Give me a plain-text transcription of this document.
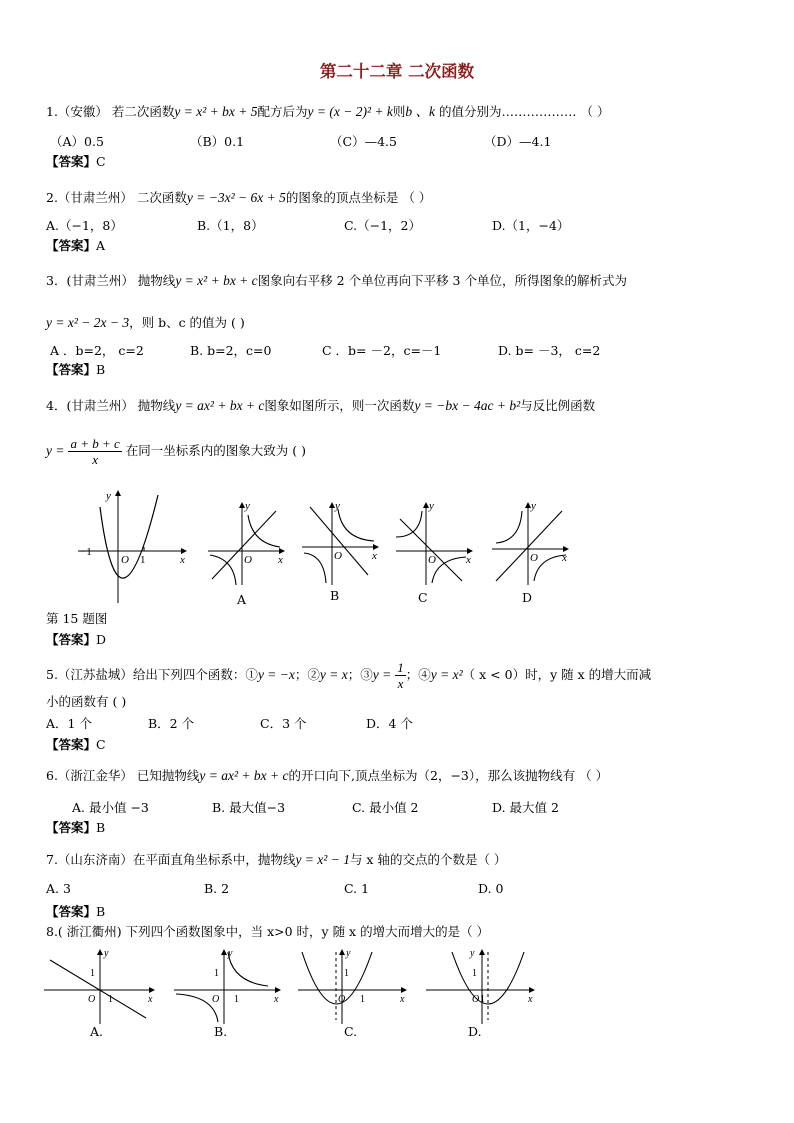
第二十二章 二次函数
1.（安徽） 若二次函数y = x² + bx + 5配方后为y = (x − 2)² + k则b 、k 的值分别为……………… （ ）
（A）0.5	（B）0.1	（C）—4.5	（D）—4.1
【答案】C
2.（甘肃兰州） 二次函数y = −3x² − 6x + 5的图象的顶点坐标是 （ ）
A.（−1，8）	B.（1，8）	C.（−1，2）	D.（1，−4）
【答案】A
3．(甘肃兰州） 抛物线y = x² + bx + c图象向右平移 2 个单位再向下平移 3 个单位，所得图象的解析式为
y = x² − 2x − 3，则 b、c 的值为 ( )
A ．b=2， c=2	B. b=2，c=0	C ．b= －2，c=－1	D. b= －3， c=2
【答案】B
4．(甘肃兰州） 抛物线y = ax² + bx + c图象如图所示，则一次函数y = −bx − 4ac + b²与反比例函数
$y = \frac{a + b + c}{x}$ 在同一坐标系内的图象大致为 ( )
y
x
O 1
−1
y
x
O
A
y
x
O
B
y
x
O
C
y
x
O
D
第 15 题图
【答案】D
5.（江苏盐城）给出下列四个函数：①y = −x；②y = x；③y = $\frac{1}{x}$ ；④y = x²（ x < 0）时，y 随 x 的增大而减
小的函数有 ( )
A．1 个	B．2 个	C．3 个	D．4 个
【答案】C
6.（浙江金华） 已知抛物线y = ax² + bx + c的开口向下,顶点坐标为（2，−3），那么该抛物线有 （ ）
A. 最小值 −3	B. 最大值−3	C. 最小值 2	D. 最大值 2
【答案】B
7.（山东济南）在平面直角坐标系中，抛物线y = x² − 1与 x 轴的交点的个数是（ ）
A. 3	B. 2	C. 1	D. 0
【答案】B
8.( 浙江衢州) 下列四个函数图象中，当 x>0 时，y 随 x 的增大而增大的是（ ）
y
x
O
1
1
A.
y
x
O
1
1
B.
y
x
O
1
1
C.
y
x
O
1
1
D.
